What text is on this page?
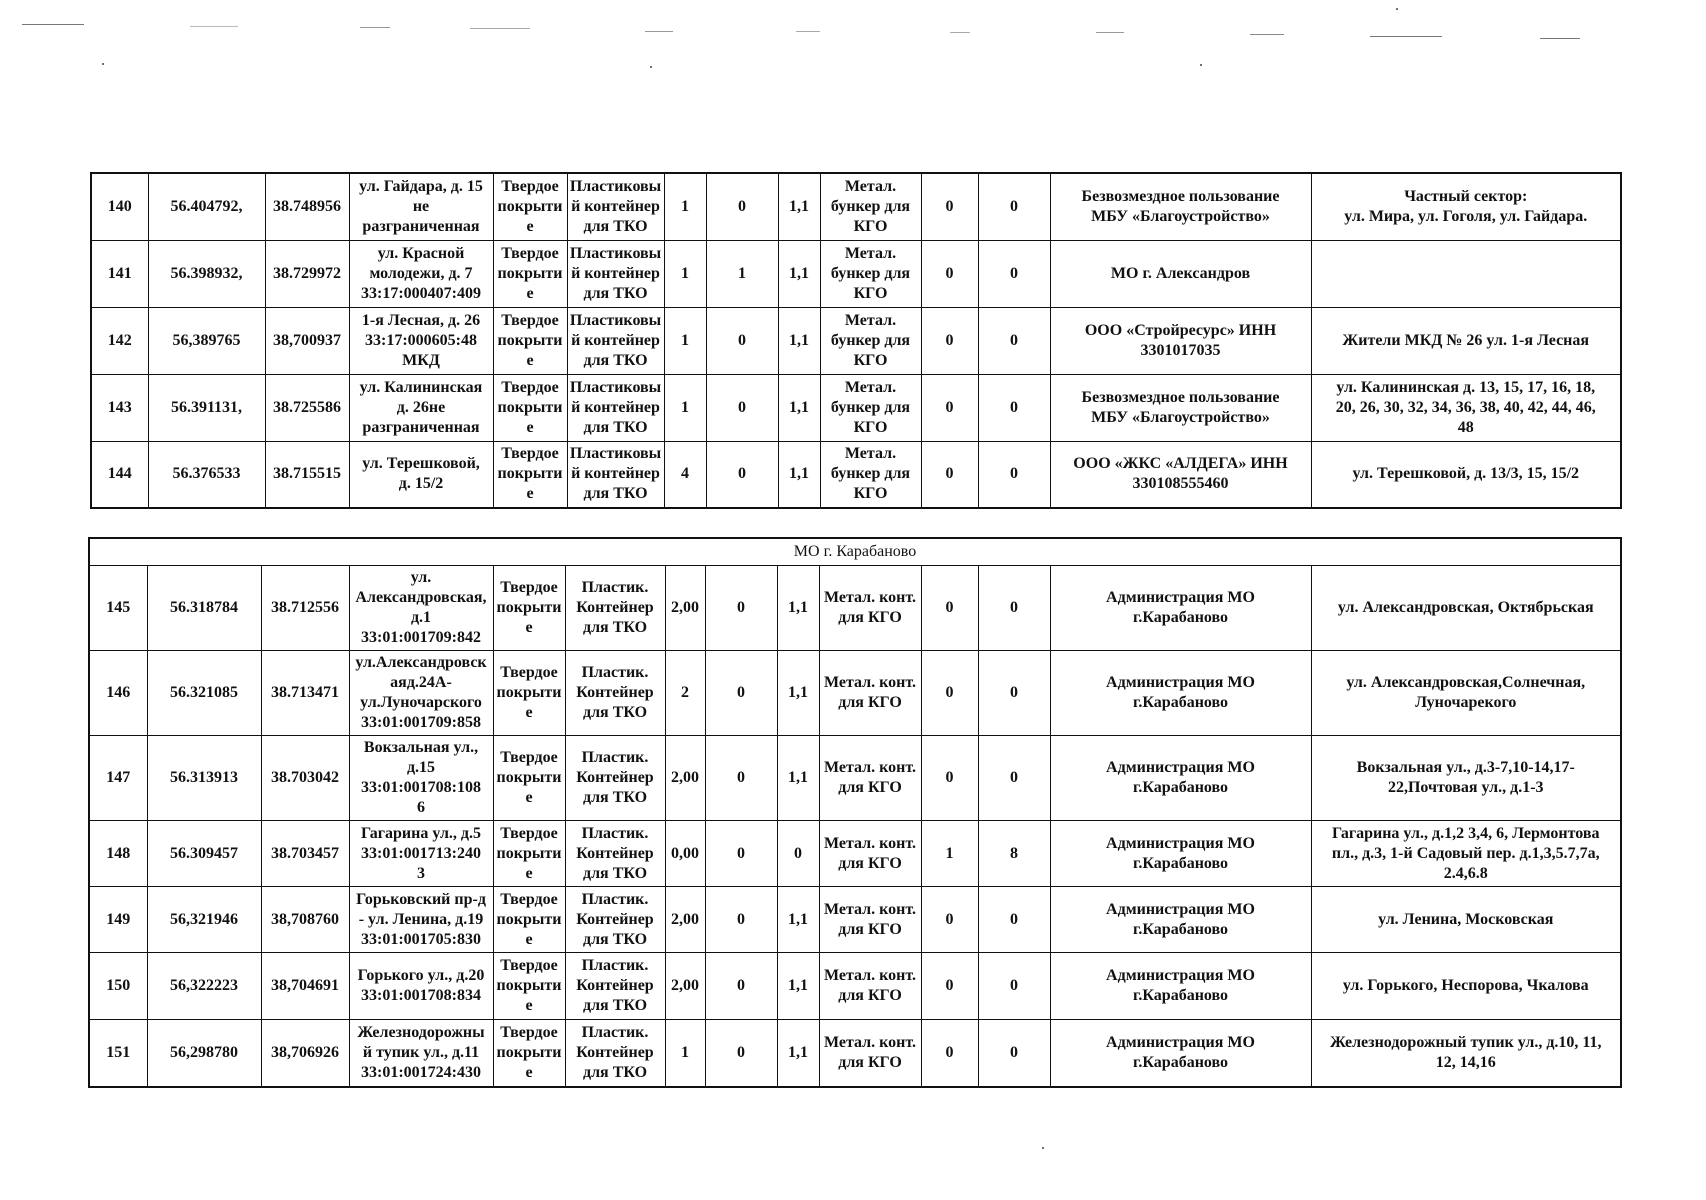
140	56.404792,	38.748956	ул. Гайдара, д. 15
не
разграниченная	Твердое
покрыти
е	Пластиковы
й контейнер
для ТКО	1	0	1,1	Метал.
бункер для
КГО	0	0	Безвозмездное пользование
МБУ «Благоустройство»	Частный сектор:
ул. Мира, ул. Гоголя, ул. Гайдара.
141	56.398932,	38.729972	ул. Красной
молодежи, д. 7
33:17:000407:409	Твердое
покрыти
е	Пластиковы
й контейнер
для ТКО	1	1	1,1	Метал.
бункер для
КГО	0	0	МО г. Александров	
142	56,389765	38,700937	1-я Лесная, д. 26
33:17:000605:48
МКД	Твердое
покрыти
е	Пластиковы
й контейнер
для ТКО	1	0	1,1	Метал.
бункер для
КГО	0	0	ООО «Стройресурс» ИНН
3301017035	Жители МКД № 26 ул. 1-я Лесная
143	56.391131,	38.725586	ул. Калининская
д. 26не
разграниченная	Твердое
покрыти
е	Пластиковы
й контейнер
для ТКО	1	0	1,1	Метал.
бункер для
КГО	0	0	Безвозмездное пользование
МБУ «Благоустройство»	ул. Калининская д. 13, 15, 17, 16, 18,
20, 26, 30, 32, 34, 36, 38, 40, 42, 44, 46,
48
144	56.376533	38.715515	ул. Терешковой,
д. 15/2	Твердое
покрыти
е	Пластиковы
й контейнер
для ТКО	4	0	1,1	Метал.
бункер для
КГО	0	0	ООО «ЖКС «АЛДЕГА» ИНН
330108555460	ул. Терешковой, д. 13/3, 15, 15/2
МО г. Карабаново													
145	56.318784	38.712556	ул.
Александровская,
д.1
33:01:001709:842	Твердое
покрыти
е	Пластик.
Контейнер
для ТКО	2,00	0	1,1	Метал. конт.
для КГО	0	0	Администрация МО
г.Карабаново	ул. Александровская, Октябрьская
146	56.321085	38.713471	ул.Александровск
аяд.24А-
ул.Луночарского
33:01:001709:858	Твердое
покрыти
е	Пластик.
Контейнер
для ТКО	2	0	1,1	Метал. конт.
для КГО	0	0	Администрация МО
г.Карабаново	ул. Александровская,Солнечная,
Луночарекого
147	56.313913	38.703042	Вокзальная ул.,
д.15
33:01:001708:108
6	Твердое
покрыти
е	Пластик.
Контейнер
для ТКО	2,00	0	1,1	Метал. конт.
для КГО	0	0	Администрация МО
г.Карабаново	Вокзальная ул., д.3-7,10-14,17-
22,Почтовая ул., д.1-3
148	56.309457	38.703457	Гагарина ул., д.5
33:01:001713:240
3	Твердое
покрыти
е	Пластик.
Контейнер
для ТКО	0,00	0	0	Метал. конт.
для КГО	1	8	Администрация МО
г.Карабаново	Гагарина ул., д.1,2 3,4, 6, Лермонтова
пл., д.3, 1-й Садовый пер. д.1,3,5.7,7а,
2.4,6.8
149	56,321946	38,708760	Горьковский пр-д
- ул. Ленина, д.19
33:01:001705:830	Твердое
покрыти
е	Пластик.
Контейнер
для ТКО	2,00	0	1,1	Метал. конт.
для КГО	0	0	Администрация МО
г.Карабаново	ул. Ленина, Московская
150	56,322223	38,704691	Горького ул., д.20
33:01:001708:834	Твердое
покрыти
е	Пластик.
Контейнер
для ТКО	2,00	0	1,1	Метал. конт.
для КГО	0	0	Администрация МО
г.Карабаново	ул. Горького, Неспорова, Чкалова
151	56,298780	38,706926	Железнодорожны
й тупик ул., д.11
33:01:001724:430	Твердое
покрыти
е	Пластик.
Контейнер
для ТКО	1	0	1,1	Метал. конт.
для КГО	0	0	Администрация МО
г.Карабаново	Железнодорожный тупик ул., д.10, 11,
12, 14,16
